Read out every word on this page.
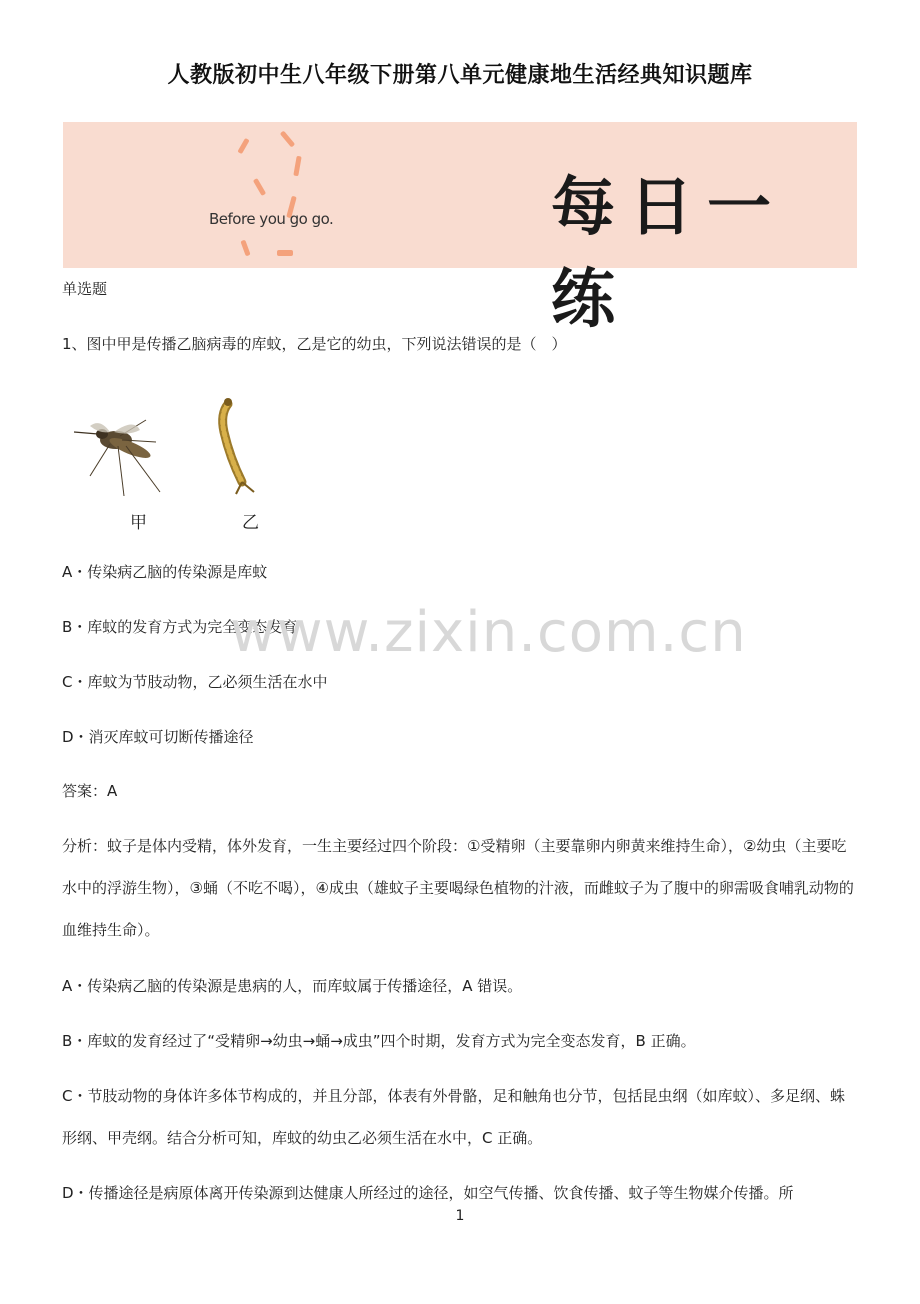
人教版初中生八年级下册第八单元健康地生活经典知识题库
Before you go go.	每日一练
单选题
1、图中甲是传播乙脑病毒的库蚊，乙是它的幼虫，下列说法错误的是（　）
甲	乙
A・传染病乙脑的传染源是库蚊
B・库蚊的发育方式为完全变态发育
C・库蚊为节肢动物，乙必须生活在水中
D・消灭库蚊可切断传播途径
答案：A
分析：蚊子是体内受精，体外发育，一生主要经过四个阶段：①受精卵（主要靠卵内卵黄来维持生命），②幼虫（主要吃水中的浮游生物），③蛹（不吃不喝），④成虫（雄蚊子主要喝绿色植物的汁液，而雌蚊子为了腹中的卵需吸食哺乳动物的血维持生命）。
A・传染病乙脑的传染源是患病的人，而库蚊属于传播途径，A 错误。
B・库蚊的发育经过了“受精卵→幼虫→蛹→成虫”四个时期，发育方式为完全变态发育，B 正确。
C・节肢动物的身体许多体节构成的，并且分部，体表有外骨骼，足和触角也分节，包括昆虫纲（如库蚊）、多足纲、蛛形纲、甲壳纲。结合分析可知，库蚊的幼虫乙必须生活在水中，C 正确。
D・传播途径是病原体离开传染源到达健康人所经过的途径，如空气传播、饮食传播、蚊子等生物媒介传播。所
www.zixin.com.cn
1
